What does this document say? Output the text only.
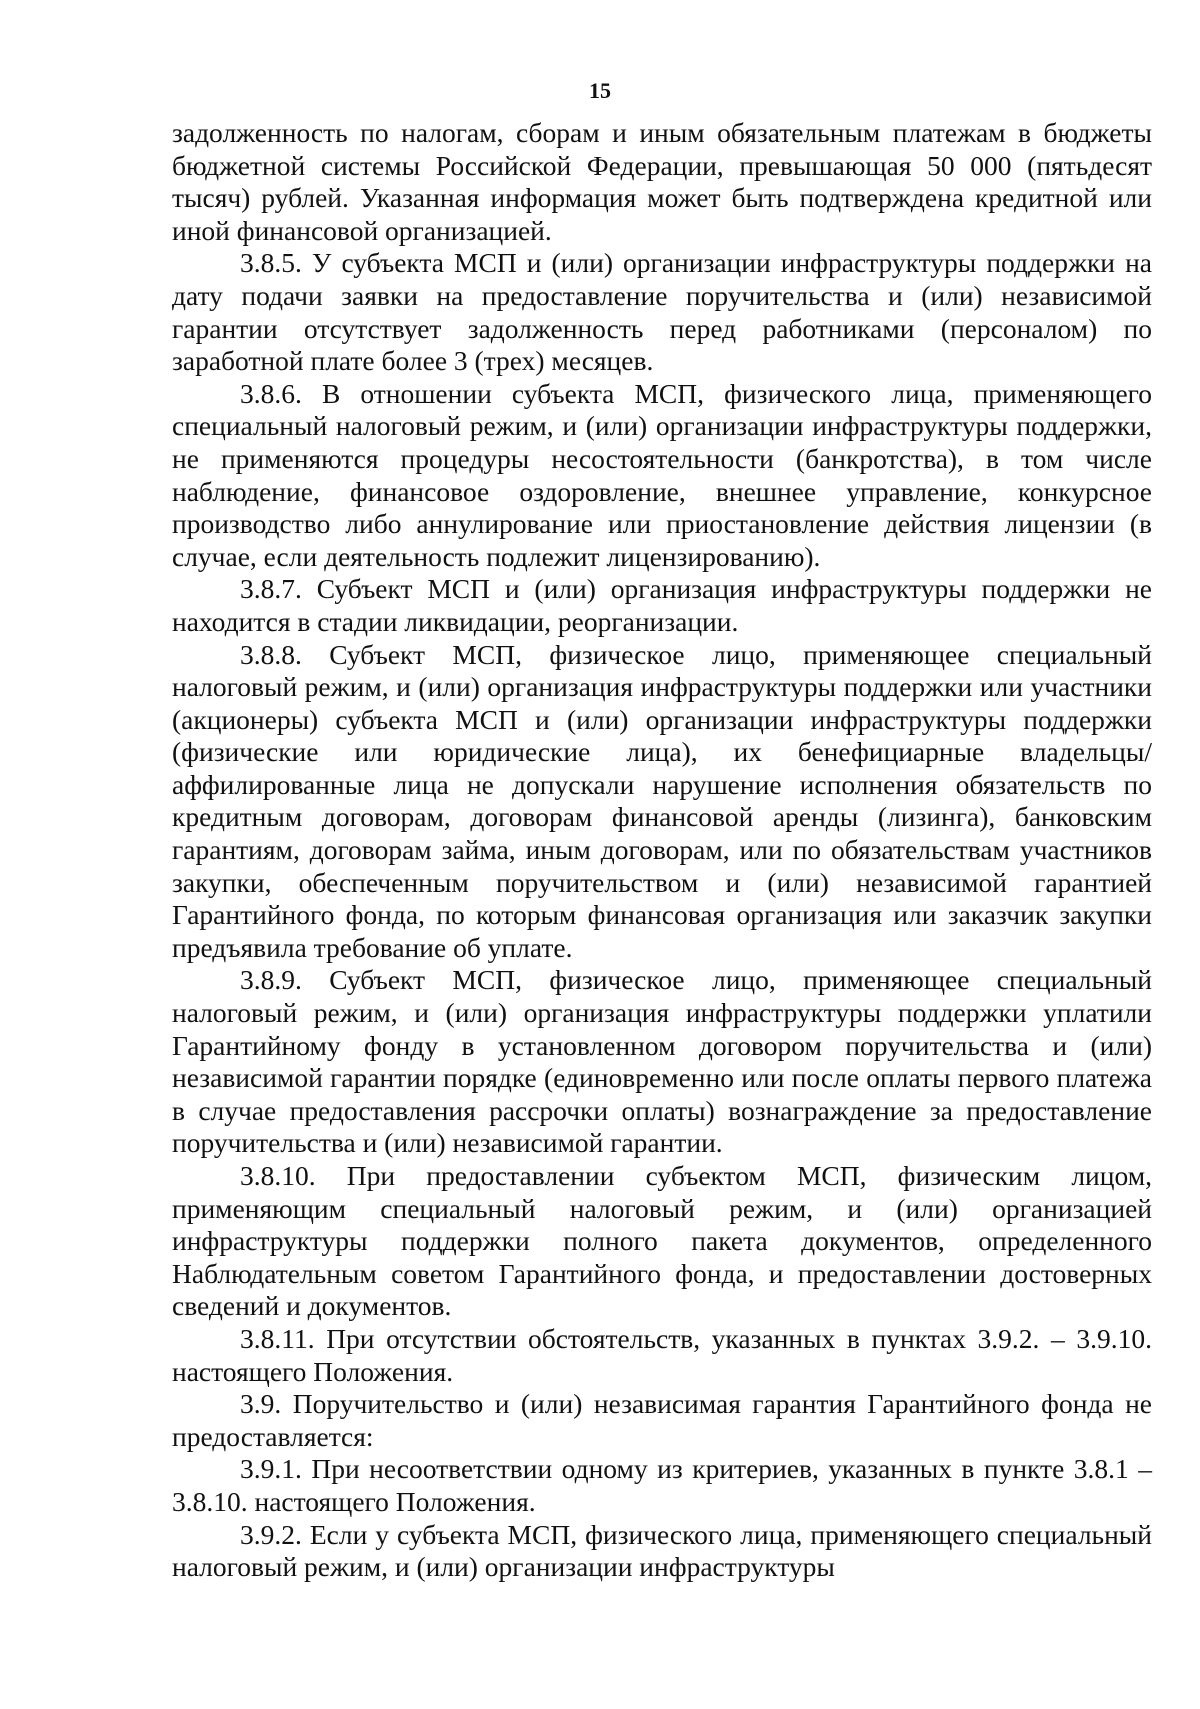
15

задолженность по налогам, сборам и иным обязательным платежам в бюджеты бюджетной системы Российской Федерации, превышающая 50 000 (пятьдесят тысяч) рублей. Указанная информация может быть подтверждена кредитной или иной финансовой организацией.

3.8.5. У субъекта МСП и (или) организации инфраструктуры поддержки на дату подачи заявки на предоставление поручительства и (или) независимой гарантии отсутствует задолженность перед работниками (персоналом) по заработной плате более 3 (трех) месяцев.

3.8.6. В отношении субъекта МСП, физического лица, применяющего специальный налоговый режим, и (или) организации инфраструктуры поддержки, не применяются процедуры несостоятельности (банкротства), в том числе наблюдение, финансовое оздоровление, внешнее управление, конкурсное производство либо аннулирование или приостановление действия лицензии (в случае, если деятельность подлежит лицензированию).

3.8.7. Субъект МСП и (или) организация инфраструктуры поддержки не находится в стадии ликвидации, реорганизации.

3.8.8. Субъект МСП, физическое лицо, применяющее специальный налоговый режим, и (или) организация инфраструктуры поддержки или участники (акционеры) субъекта МСП и (или) организации инфраструктуры поддержки (физические или юридические лица), их бенефициарные владельцы/аффилированные лица не допускали нарушение исполнения обязательств по кредитным договорам, договорам финансовой аренды (лизинга), банковским гарантиям, договорам займа, иным договорам, или по обязательствам участников закупки, обеспеченным поручительством и (или) независимой гарантией Гарантийного фонда, по которым финансовая организация или заказчик закупки предъявила требование об уплате.

3.8.9. Субъект МСП, физическое лицо, применяющее специальный налоговый режим, и (или) организация инфраструктуры поддержки уплатили Гарантийному фонду в установленном договором поручительства и (или) независимой гарантии порядке (единовременно или после оплаты первого платежа в случае предоставления рассрочки оплаты) вознаграждение за предоставление поручительства и (или) независимой гарантии.

3.8.10. При предоставлении субъектом МСП, физическим лицом, применяющим специальный налоговый режим, и (или) организацией инфраструктуры поддержки полного пакета документов, определенного Наблюдательным советом Гарантийного фонда, и предоставлении достоверных сведений и документов.

3.8.11. При отсутствии обстоятельств, указанных в пунктах 3.9.2. – 3.9.10. настоящего Положения.

3.9. Поручительство и (или) независимая гарантия Гарантийного фонда не предоставляется:

3.9.1. При несоответствии одному из критериев, указанных в пункте 3.8.1 – 3.8.10. настоящего Положения.

3.9.2. Если у субъекта МСП, физического лица, применяющего специальный налоговый режим, и (или) организации инфраструктуры
